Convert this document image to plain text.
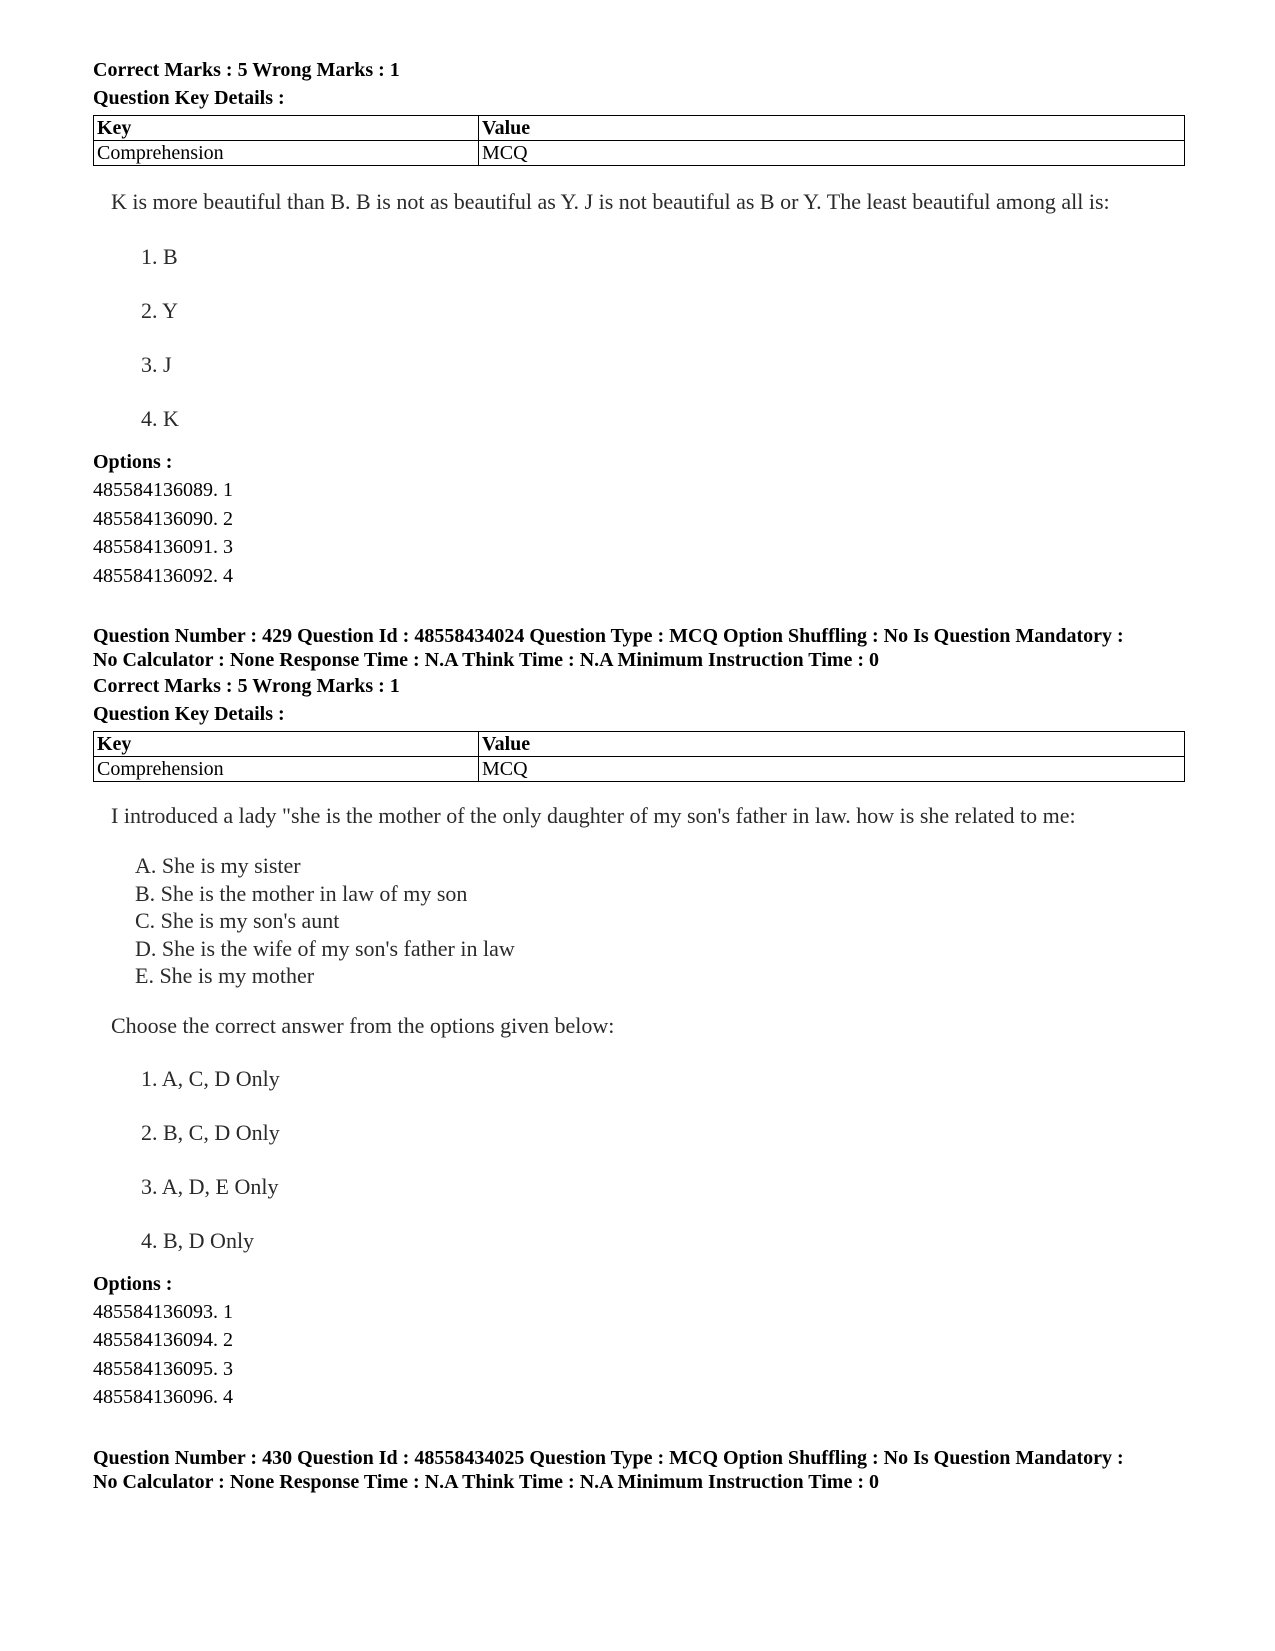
Correct Marks : 5 Wrong Marks : 1
Question Key Details :
Key	Value
Comprehension	MCQ
K is more beautiful than B. B is not as beautiful as Y. J is not beautiful as B or Y. The least beautiful among all is:
1. B
2. Y
3. J
4. K
Options :
485584136089. 1
485584136090. 2
485584136091. 3
485584136092. 4
Question Number : 429 Question Id : 48558434024 Question Type : MCQ Option Shuffling : No Is Question Mandatory :
No Calculator : None Response Time : N.A Think Time : N.A Minimum Instruction Time : 0
Correct Marks : 5 Wrong Marks : 1
Question Key Details :
Key	Value
Comprehension	MCQ
I introduced a lady "she is the mother of the only daughter of my son's father in law. how is she related to me:
A. She is my sister
B. She is the mother in law of my son
C. She is my son's aunt
D. She is the wife of my son's father in law
E. She is my mother
Choose the correct answer from the options given below:
1. A, C, D Only
2. B, C, D Only
3. A, D, E Only
4. B, D Only
Options :
485584136093. 1
485584136094. 2
485584136095. 3
485584136096. 4
Question Number : 430 Question Id : 48558434025 Question Type : MCQ Option Shuffling : No Is Question Mandatory :
No Calculator : None Response Time : N.A Think Time : N.A Minimum Instruction Time : 0
